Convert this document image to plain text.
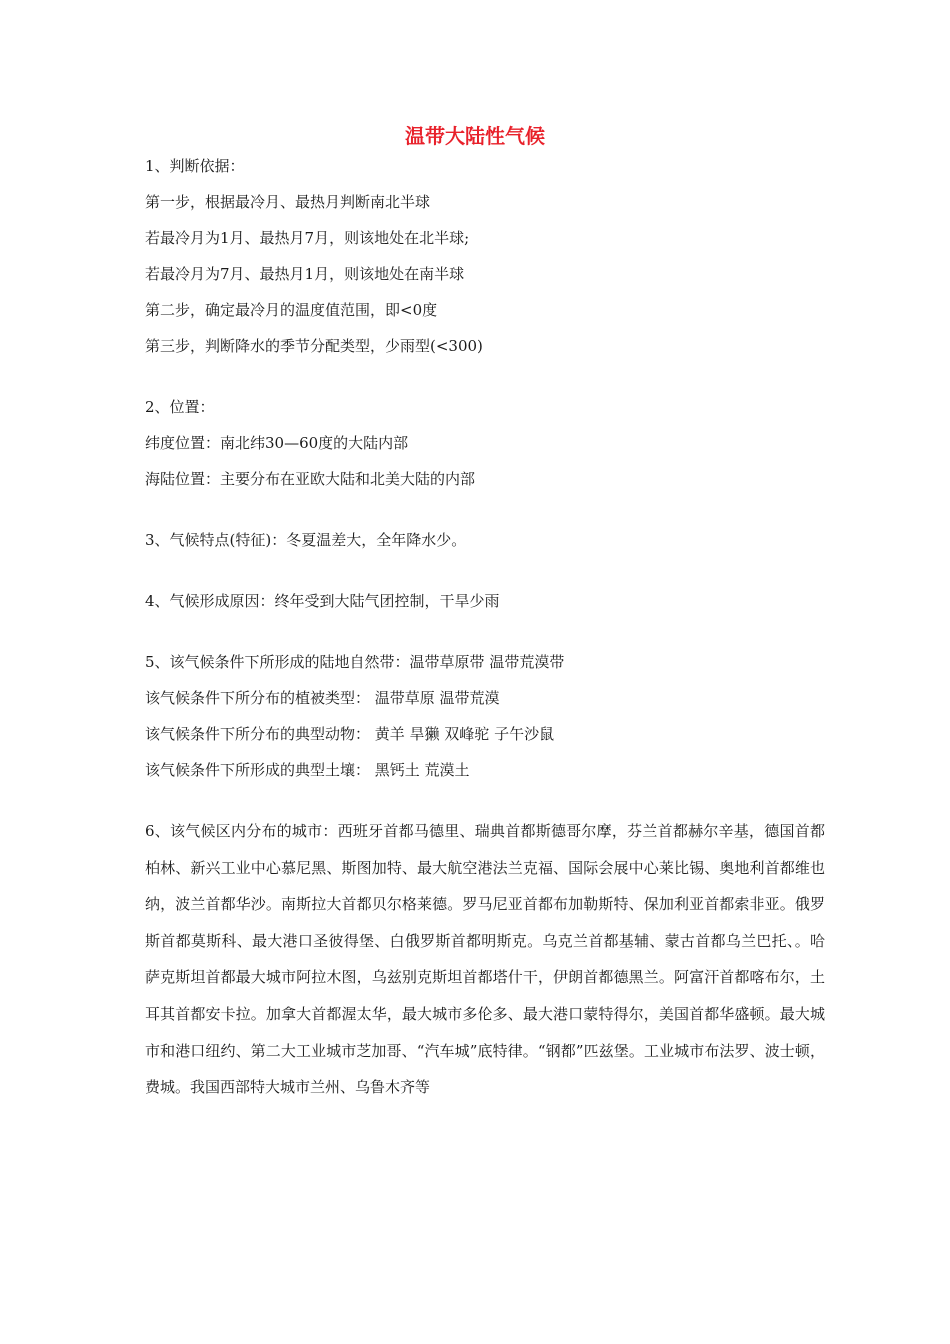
温带大陆性气候
1、判断依据：
第一步，根据最冷月、最热月判断南北半球
若最冷月为1月、最热月7月，则该地处在北半球;
若最冷月为7月、最热月1月，则该地处在南半球
第二步，确定最冷月的温度值范围，即<0度
第三步，判断降水的季节分配类型，少雨型(<300)
2、位置：
纬度位置：南北纬30—60度的大陆内部
海陆位置：主要分布在亚欧大陆和北美大陆的内部
3、气候特点(特征)：冬夏温差大，全年降水少。
4、气候形成原因：终年受到大陆气团控制，干旱少雨
5、该气候条件下所形成的陆地自然带：温带草原带 温带荒漠带
该气候条件下所分布的植被类型： 温带草原 温带荒漠
该气候条件下所分布的典型动物： 黄羊 旱獭 双峰驼 子午沙鼠
该气候条件下所形成的典型土壤： 黑钙土 荒漠土
6、该气候区内分布的城市：西班牙首都马德里、瑞典首都斯德哥尔摩，芬兰首都赫尔辛基，德国首都柏林、新兴工业中心慕尼黑、斯图加特、最大航空港法兰克福、国际会展中心莱比锡、奥地利首都维也纳，波兰首都华沙。南斯拉大首都贝尔格莱德。罗马尼亚首都布加勒斯特、保加利亚首都索非亚。俄罗斯首都莫斯科、最大港口圣彼得堡、白俄罗斯首都明斯克。乌克兰首都基辅、蒙古首都乌兰巴托、。哈萨克斯坦首都最大城市阿拉木图，乌兹别克斯坦首都塔什干，伊朗首都德黑兰。阿富汗首都喀布尔，土耳其首都安卡拉。加拿大首都渥太华，最大城市多伦多、最大港口蒙特得尔，美国首都华盛顿。最大城市和港口纽约、第二大工业城市芝加哥、“汽车城”底特律。“钢都”匹兹堡。工业城市布法罗、波士顿，费城。我国西部特大城市兰州、乌鲁木齐等
